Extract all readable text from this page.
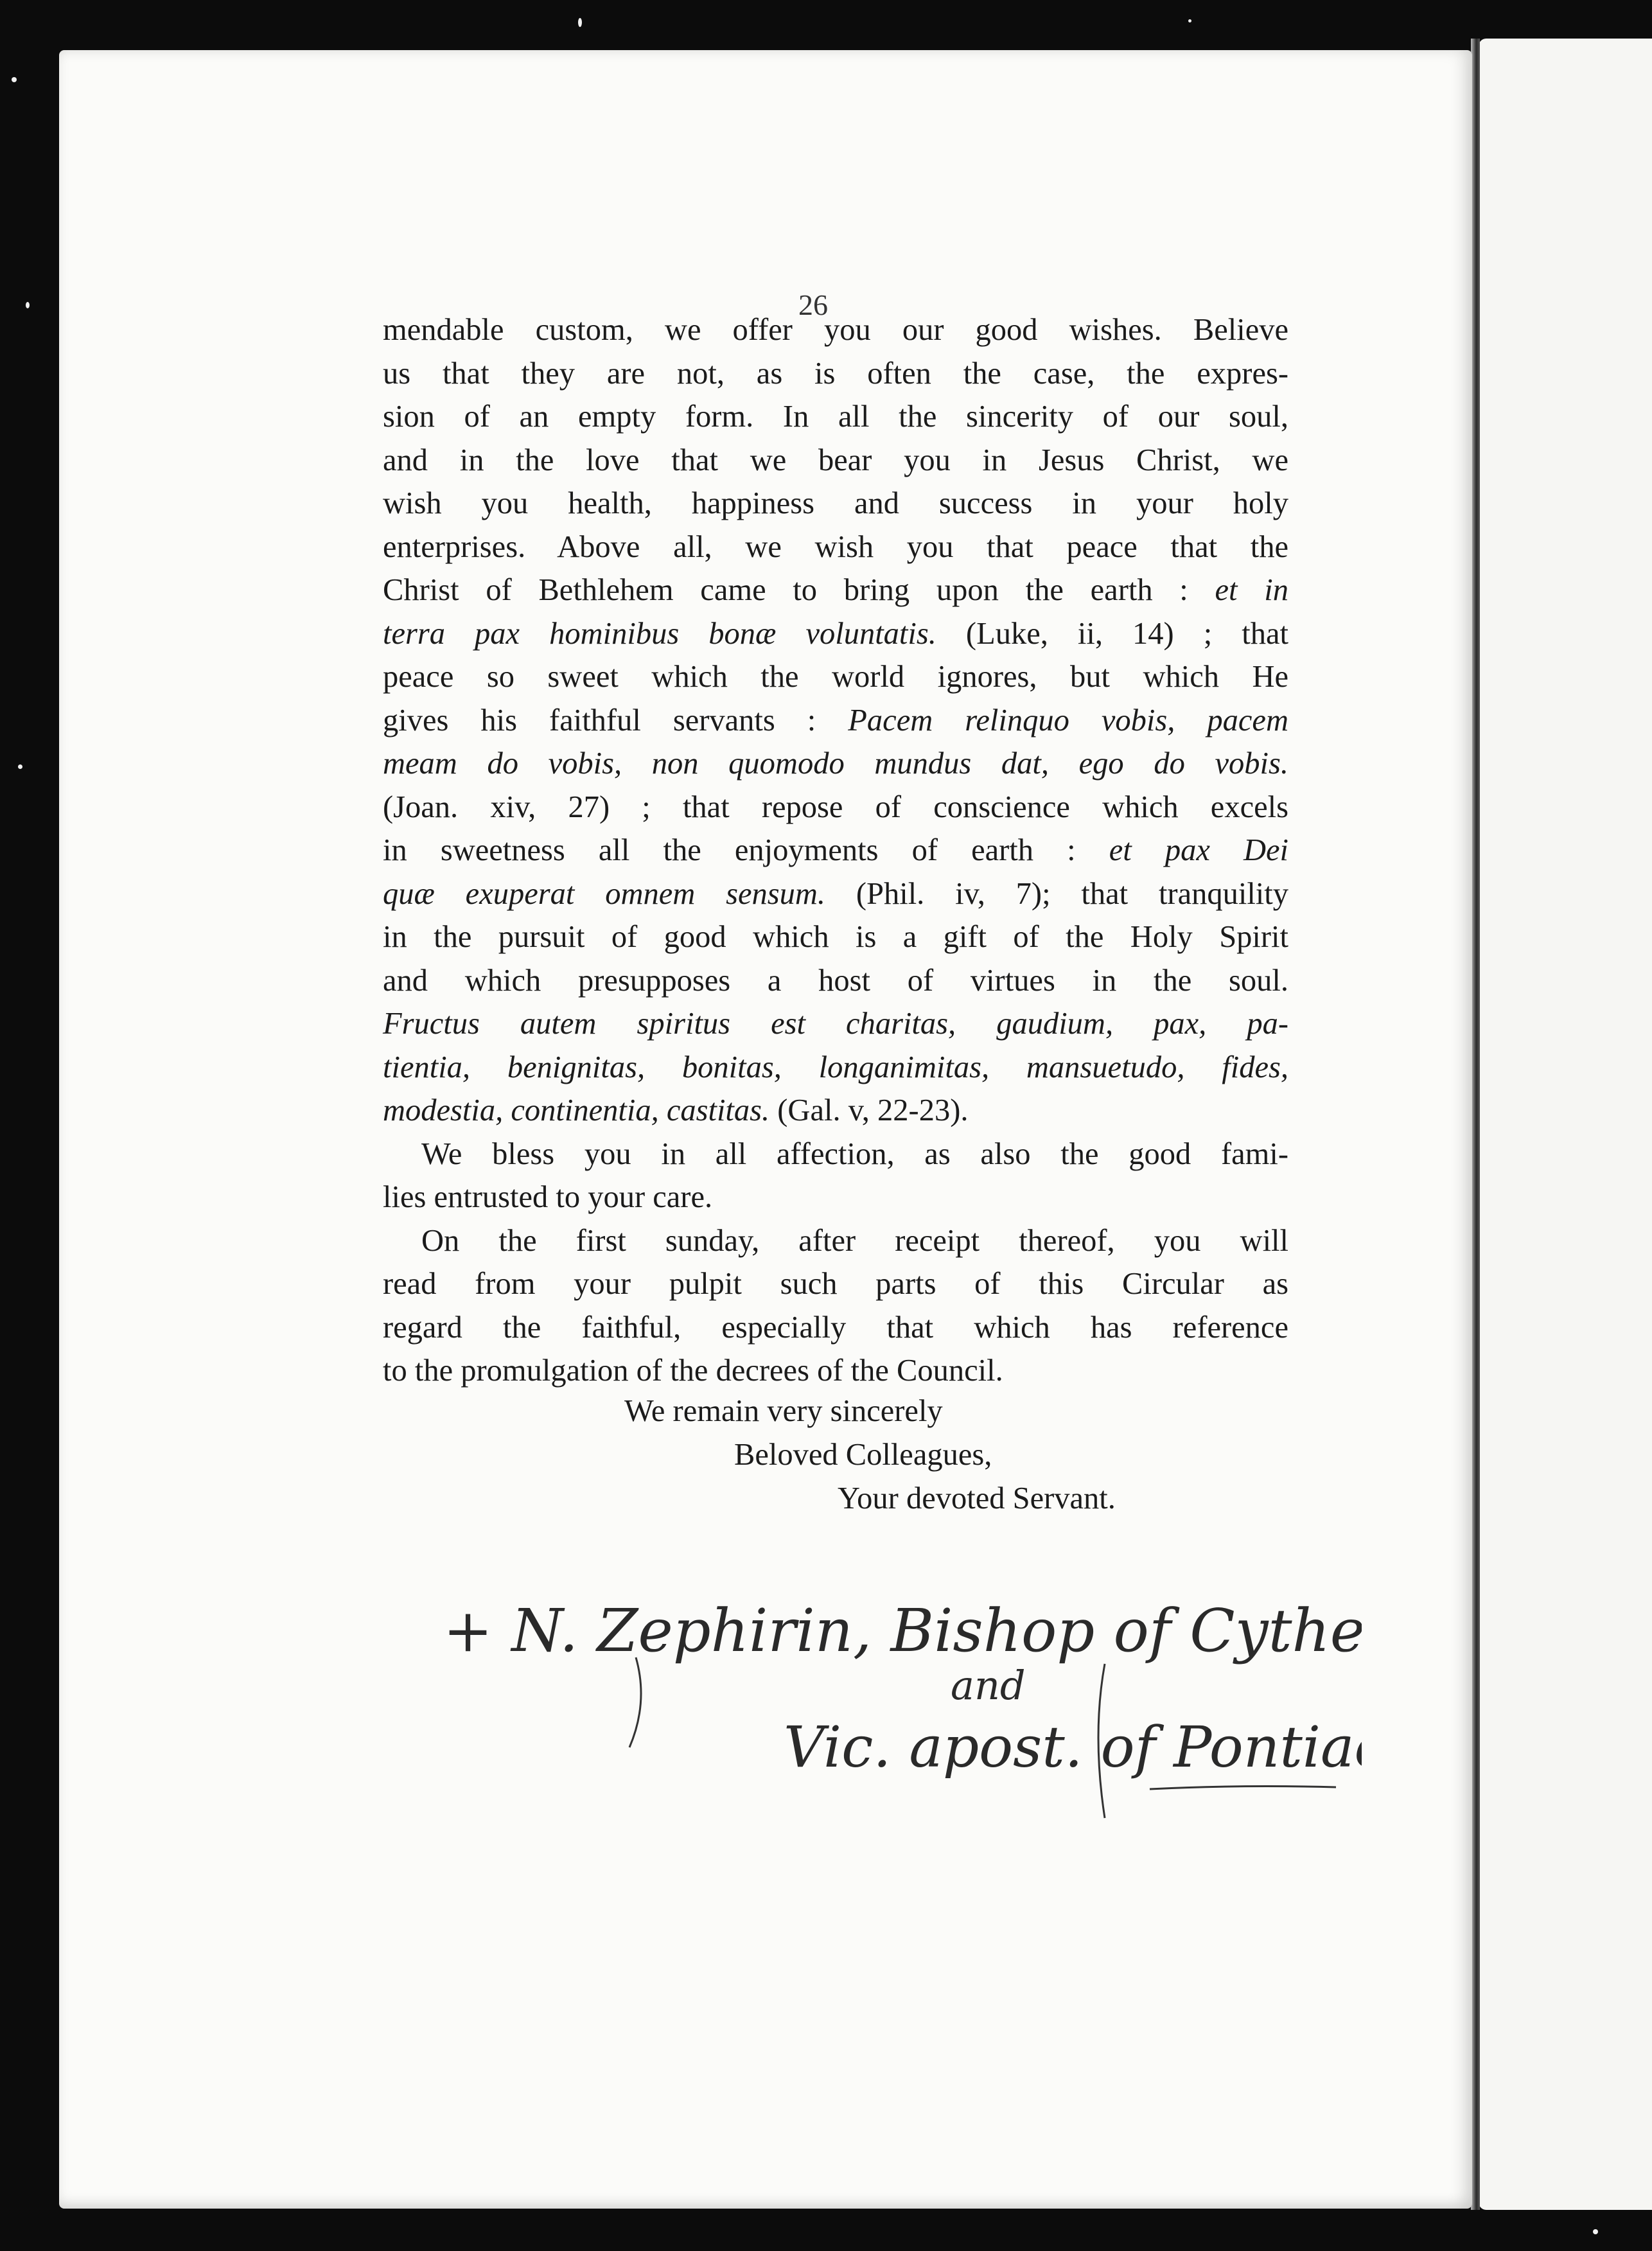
26
mendable custom, we offer you our good wishes. Believe
us that they are not, as is often the case, the expres-
sion of an empty form. In all the sincerity of our soul,
and in the love that we bear you in Jesus Christ, we
wish you health, happiness and success in your holy
enterprises. Above all, we wish you that peace that the
Christ of Bethlehem came to bring upon the earth : et in
terra pax hominibus bonæ voluntatis. (Luke, ii, 14) ; that
peace so sweet which the world ignores, but which He
gives his faithful servants : Pacem relinquo vobis, pacem
meam do vobis, non quomodo mundus dat, ego do vobis.
(Joan. xiv, 27) ; that repose of conscience which excels
in sweetness all the enjoyments of earth : et pax Dei
quæ exuperat omnem sensum. (Phil. iv, 7); that tranquility
in the pursuit of good which is a gift of the Holy Spirit
and which presupposes a host of virtues in the soul.
Fructus autem spiritus est charitas, gaudium, pax, pa-
tientia, benignitas, bonitas, longanimitas, mansuetudo, fides,
modestia, continentia, castitas. (Gal. v, 22-23).
We bless you in all affection, as also the good fami-
lies entrusted to your care.
On the first sunday, after receipt thereof, you will
read from your pulpit such parts of this Circular as
regard the faithful, especially that which has reference
to the promulgation of the decrees of the Council.
We remain very sincerely
Beloved Colleagues,
Your devoted Servant.
+ N. Zephirin, Bishop of Cythera
and
Vic. apost. of Pontiac
